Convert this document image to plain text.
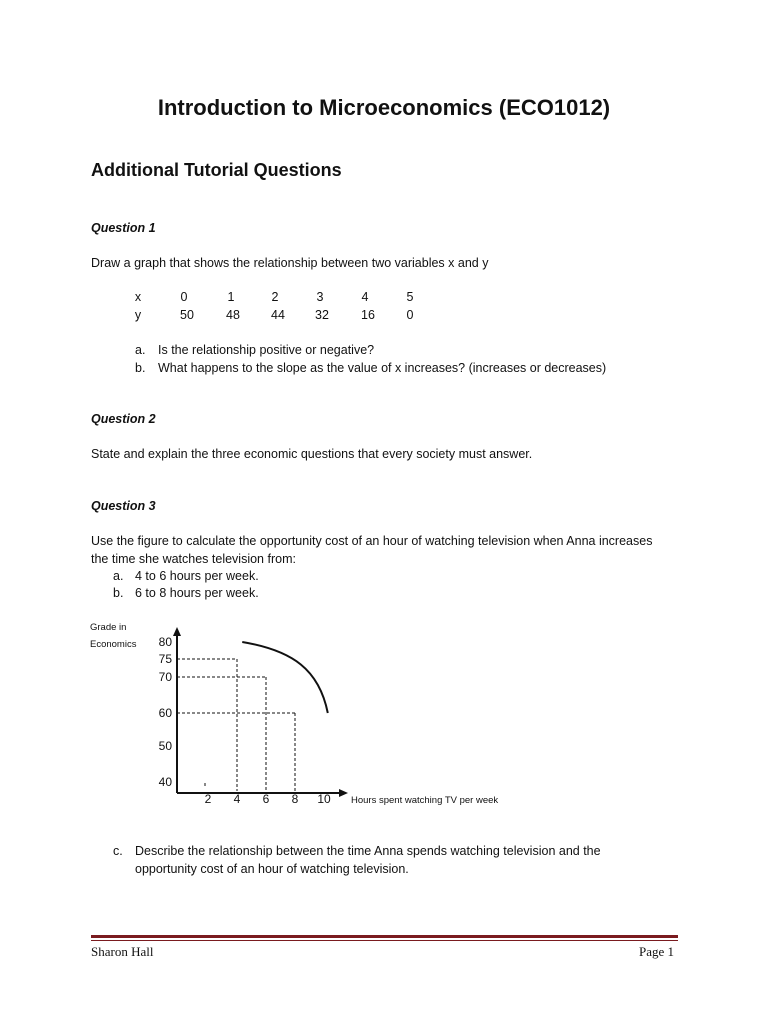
Introduction to Microeconomics (ECO1012)
Additional Tutorial Questions
Question 1
Draw a graph that shows the relationship between two variables x and y
x	0	1	2	3	4	5
y	50	48	44	32	16	0
a. Is the relationship positive or negative?
b. What happens to the slope as the value of x increases? (increases or decreases)
Question 2
State and explain the three economic questions that every society must answer.
Question 3
Use the figure to calculate the opportunity cost of an hour of watching television when Anna increases
the time she watches television from:
a. 4 to 6 hours per week.
b. 6 to 8 hours per week.
Grade in
Economics
Hours spent watching TV per week
40
50
60
70
75
80
2 4 6 8 10
c. Describe the relationship between the time Anna spends watching television and the
opportunity cost of an hour of watching television.
Sharon Hall	Page 1
